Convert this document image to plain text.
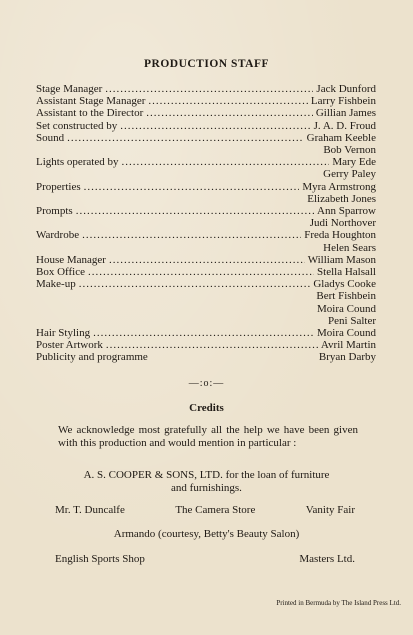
PRODUCTION STAFF
Stage Manager .....	Jack Dunford
Assistant Stage Manager .....	Larry Fishbein
Assistant to the Director .....	Gillian James
Set constructed by .....	J. A. D. Froud
Sound .....	Graham Keeble
Bob Vernon
Lights operated by .....	Mary Ede
Gerry Paley
Properties .....	Myra Armstrong
Elizabeth Jones
Prompts .....	Ann Sparrow
Judi Northover
Wardrobe .....	Freda Houghton
Helen Sears
House Manager .....	William Mason
Box Office .....	Stella Halsall
Make-up .....	Gladys Cooke
Bert Fishbein
Moira Cound
Peni Salter
Hair Styling .....	Moira Cound
Poster Artwork .....	Avril Martin
Publicity and programme	Bryan Darby
—:o:—
Credits
We acknowledge most gratefully all the help we have been given with this production and would mention in particular :
A. S. COOPER & SONS, LTD. for the loan of furniture
and furnishings.
Mr. T. Duncalfe	The Camera Store	Vanity Fair
Armando (courtesy, Betty's Beauty Salon)
English Sports Shop	Masters Ltd.
Printed in Bermuda by The Island Press Ltd.
